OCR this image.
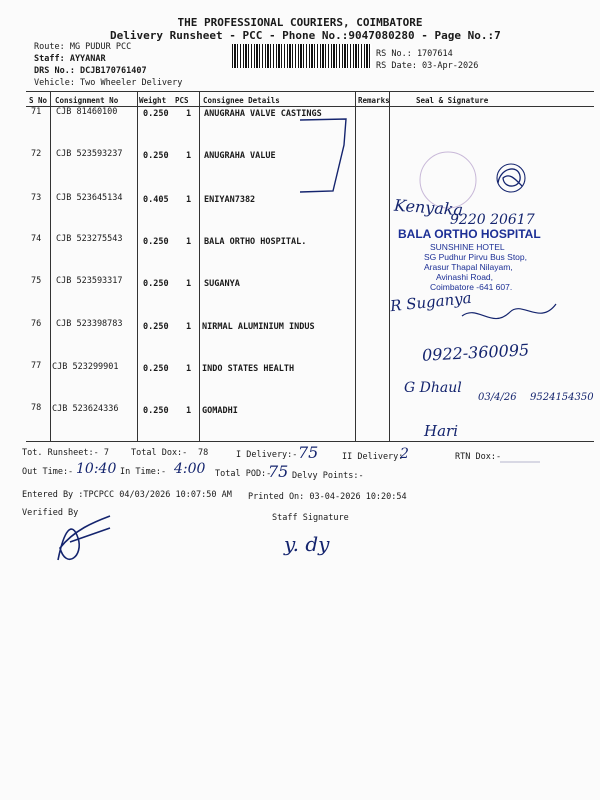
THE PROFESSIONAL COURIERS, COIMBATORE
Delivery Runsheet - PCC - Phone No.:9047080280 - Page No.:7
Route: MG PUDUR PCC
Staff: AYYANAR
DRS No.: DCJB170761407
Vehicle: Two Wheeler Delivery
RS No.: 1707614
RS Date: 03-Apr-2026
S No Consignment No	Weight PCS Consignee Details	Remarks	Seal & Signature
71 CJB 81460100	0.250 1 ANUGRAHA VALVE CASTINGS
72 CJB 523593237 0.250 1 ANUGRAHA VALUE
73 CJB 523645134 0.405 1 ENIYAN7382
74 CJB 523275543 0.250 1 BALA ORTHO HOSPITAL.
75 CJB 523593317 0.250 1 SUGANYA
76 CJB 523398783 0.250 1 NIRMAL ALUMINIUM INDUS
77 CJB 523299901	0.250 1 INDO STATES HEALTH
78 CJB 523624336	0.250 1 GOMADHI
Kenyaka
9220 20617
BALA ORTHO HOSPITAL
SUNSHINE HOTEL
SG Pudhur Pirvu Bus Stop,
Arasur Thapal Nilayam,
Avinashi Road,
Coimbatore -641 607.
R Suganya
0922-360095
G Dhaul
03/4/26 9524154350
Hari
Tot. Runsheet:- 7	Total Dox:- 78	I Delivery:- 75	II Delivery:
2	RTN Dox:-
Out Time:- 10:40 In Time:- 4:00 Total POD:-
75 Delvy Points:-
Entered By :TPCPCC 04/03/2026 10:07:50 AM Printed On: 03-04-2026 10:20:54
Verified By	Staff Signature
y. dy
